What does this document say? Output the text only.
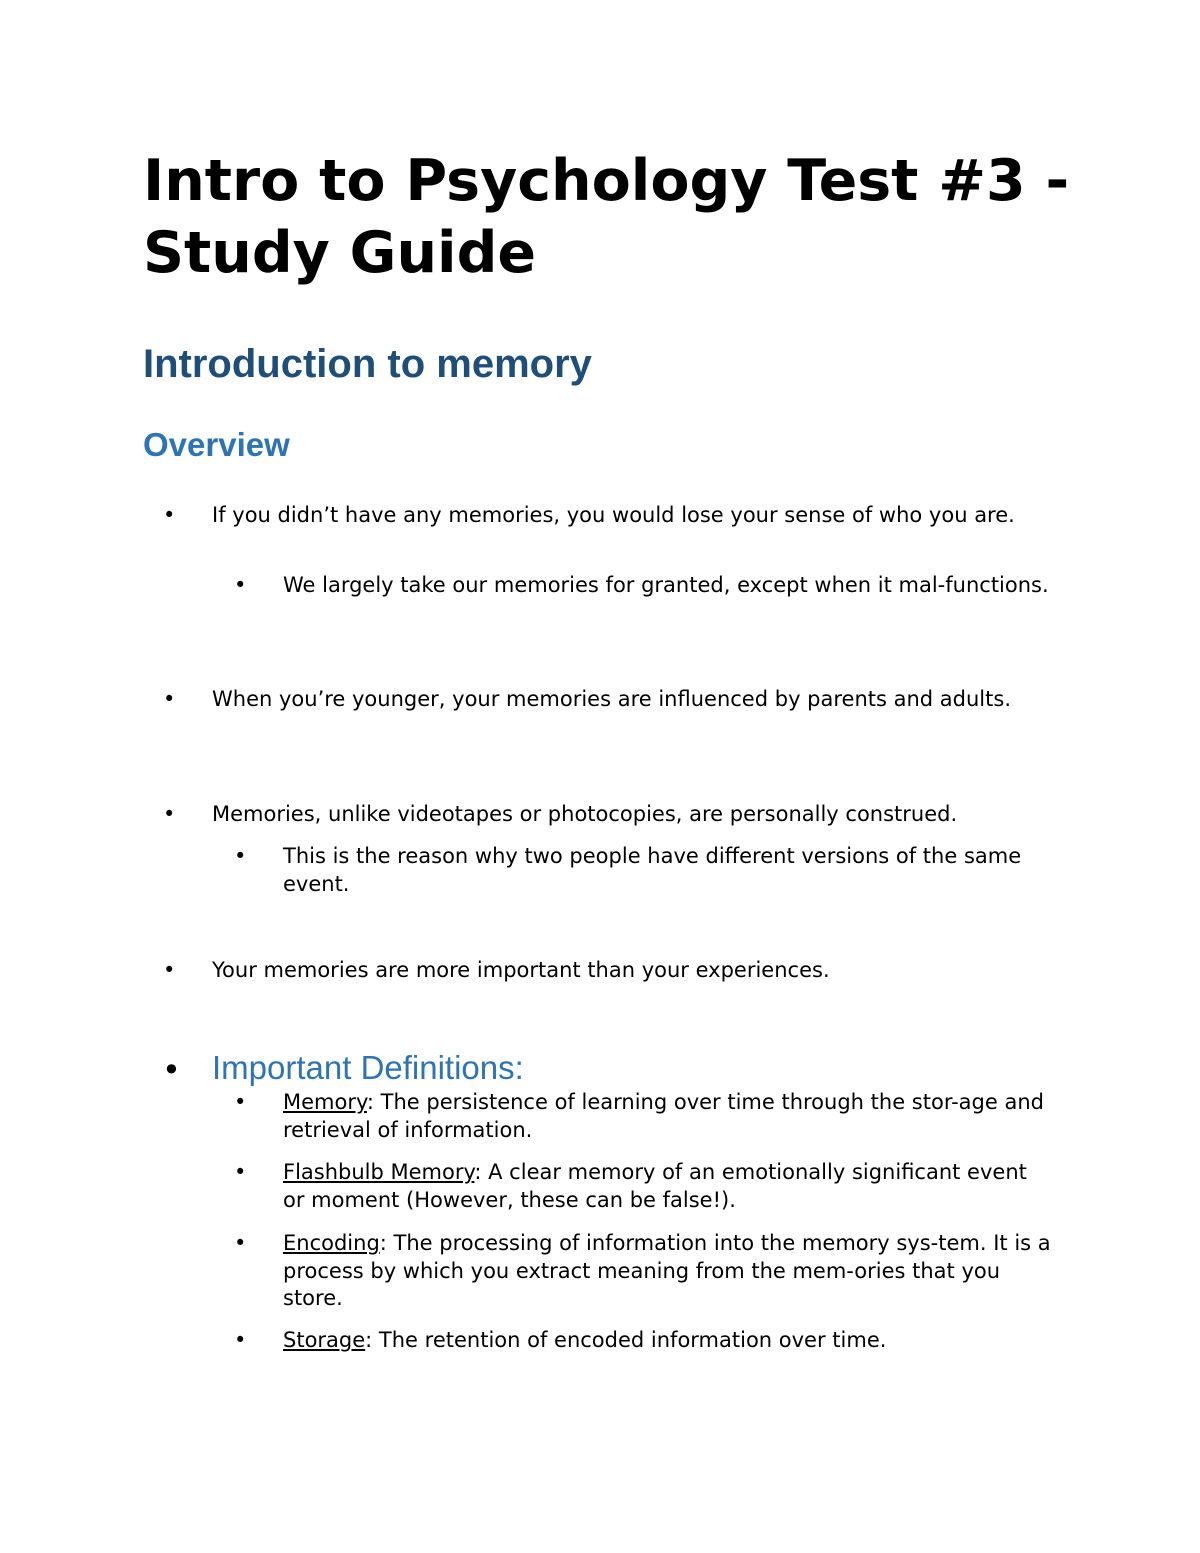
Intro to Psychology Test #3 - Study Guide
Introduction to memory
Overview
• If you didn’t have any memories, you would lose your sense of who you are.

• We largely take our memories for granted, except when it mal-functions.

• When you’re younger, your memories are influenced by parents and adults.

• Memories, unlike videotapes or photocopies, are personally construed.

• This is the reason why two people have different versions of the same event.

• Your memories are more important than your experiences.

• Important Definitions:

• Memory: The persistence of learning over time through the stor-age and retrieval of information.

• Flashbulb Memory: A clear memory of an emotionally significant event or moment (However, these can be false!).

• Encoding: The processing of information into the memory sys-tem. It is a process by which you extract meaning from the mem-ories that you store.

• Storage: The retention of encoded information over time.
